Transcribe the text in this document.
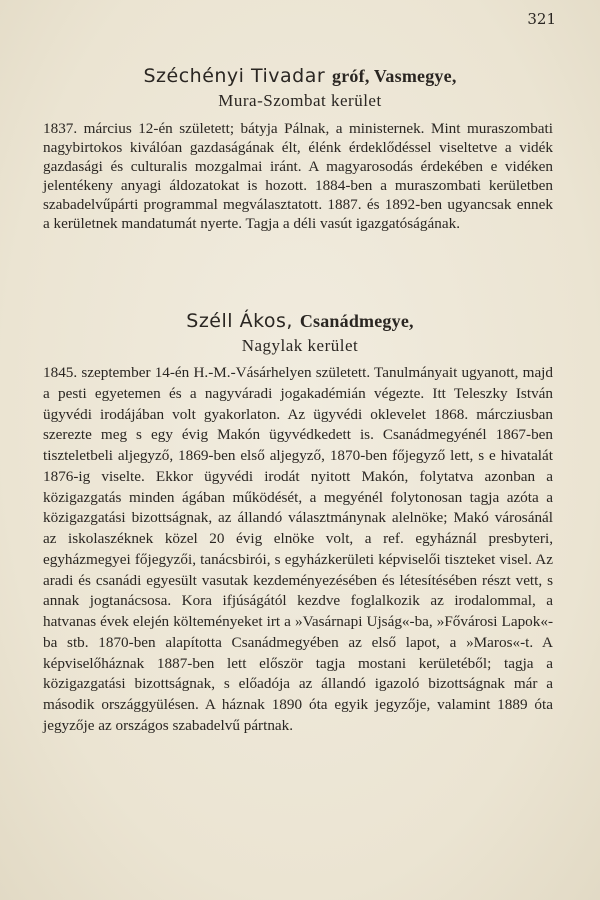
321
Széchényi Tivadar gróf, Vasmegye,
Mura-Szombat kerület

1837. március 12-én született; bátyja Pálnak, a ministernek. Mint muraszombati nagybirtokos kiválóan gazdaságának élt, élénk érdeklődéssel viseltetve a vidék gazdasági és culturalis mozgalmai iránt. A magyarosodás érdekében e vidéken jelentékeny anyagi áldozatokat is hozott. 1884-ben a muraszombati kerületben szabadelvűpárti programmal megválasztatott. 1887. és 1892-ben ugyancsak ennek a kerületnek mandatumát nyerte. Tagja a déli vasút igazgatóságának.

Széll Ákos, Csanádmegye,
Nagylak kerület

1845. szeptember 14-én H.-M.-Vásárhelyen született. Tanulmányait ugyanott, majd a pesti egyetemen és a nagyváradi jogakadémián végezte. Itt Teleszky István ügyvédi irodájában volt gyakorlaton. Az ügyvédi oklevelet 1868. márcziusban szerezte meg s egy évig Makón ügyvédkedett is. Csanádmegyénél 1867-ben tiszteletbeli aljegyző, 1869-ben első aljegyző, 1870-ben főjegyző lett, s e hivatalát 1876-ig viselte. Ekkor ügyvédi irodát nyitott Makón, folytatva azonban a közigazgatás minden ágában működését, a megyénél folytonosan tagja azóta a közigazgatási bizottságnak, az állandó választmánynak alelnöke; Makó városánál az iskolaszéknek közel 20 évig elnöke volt, a ref. egyháznál presbyteri, egyházmegyei főjegyzői, tanácsbirói, s egyházkerületi képviselői tiszteket visel. Az aradi és csanádi egyesült vasutak kezdeményezésében és létesítésében részt vett, s annak jogtanácsosa. Kora ifjúságától kezdve foglalkozik az irodalommal, a hatvanas évek elején költeményeket irt a »Vasárnapi Ujság«-ba, »Fővárosi Lapok«-ba stb. 1870-ben alapította Csanádmegyében az első lapot, a »Maros«-t. A képviselőháznak 1887-ben lett először tagja mostani kerületéből; tagja a közigazgatási bizottságnak, s előadója az állandó igazoló bizottságnak már a második országgyülésen. A háznak 1890 óta egyik jegyzője, valamint 1889 óta jegyzője az országos szabadelvű pártnak.
